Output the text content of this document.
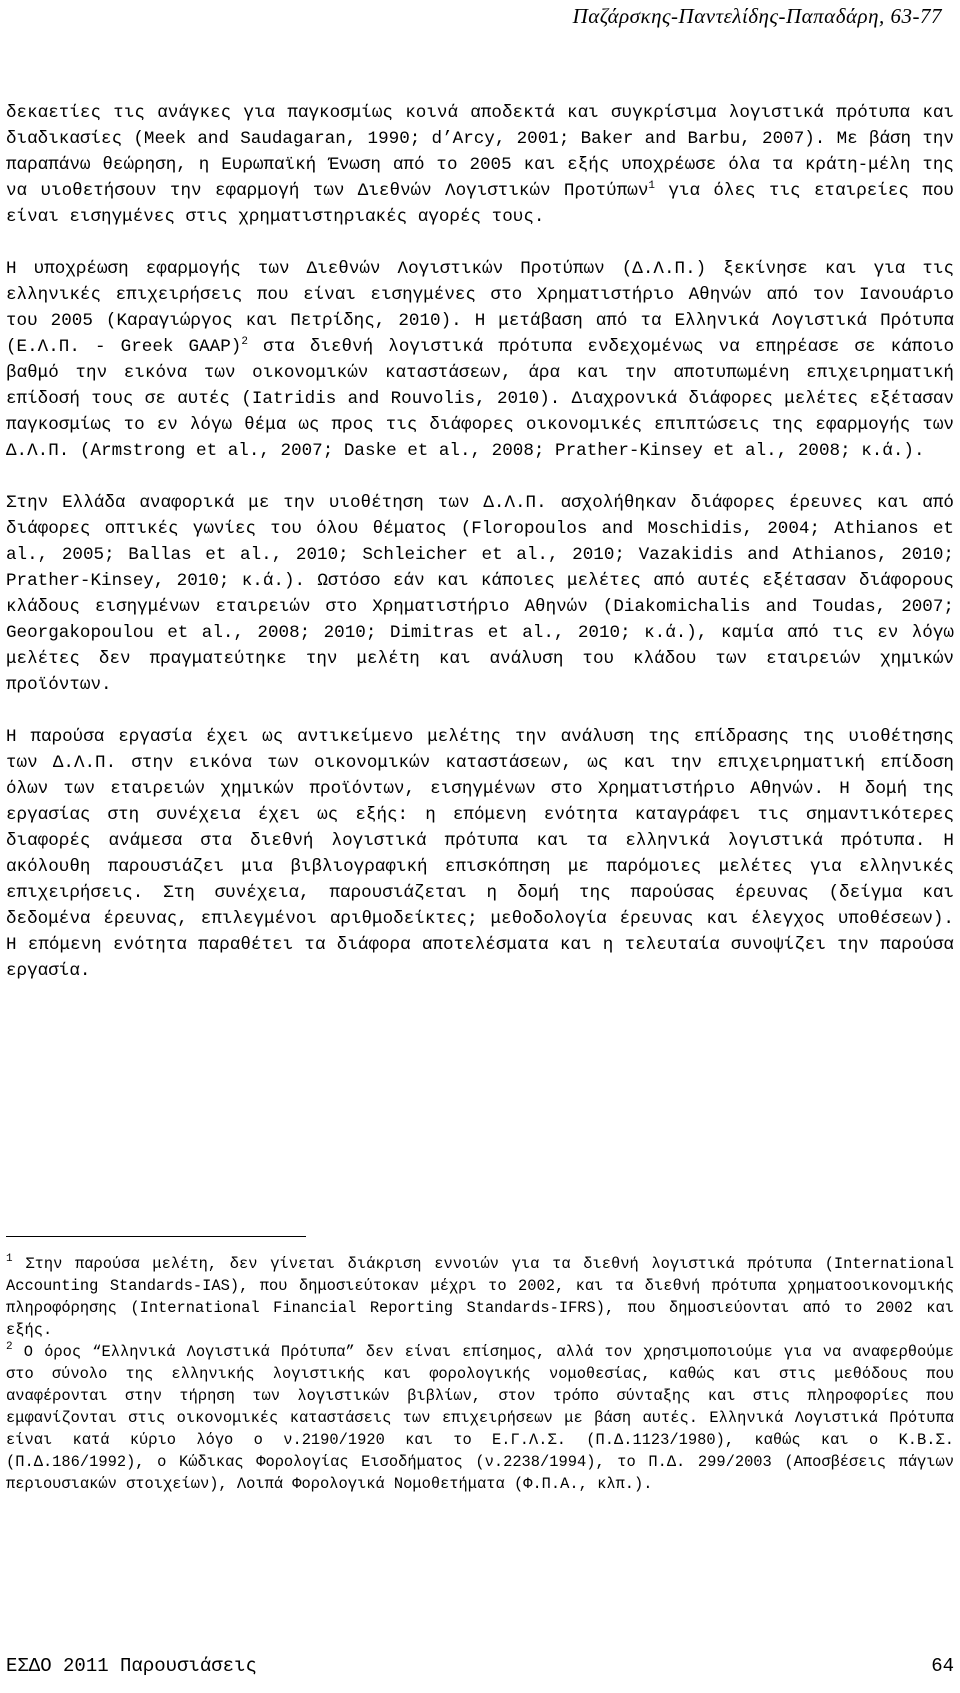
Παζάρσκης-Παντελίδης-Παπαδάρη, 63-77

δεκαετίες τις ανάγκες για παγκοσμίως κοινά αποδεκτά και συγκρίσιμα λογιστικά πρότυπα και διαδικασίες (Meek and Saudagaran, 1990; d’Arcy, 2001; Baker and Barbu, 2007). Με βάση την παραπάνω θεώρηση, η Ευρωπαϊκή Ένωση από το 2005 και εξής υποχρέωσε όλα τα κράτη-μέλη της να υιοθετήσουν την εφαρμογή των Διεθνών Λογιστικών Προτύπων$^1$ για όλες τις εταιρείες που είναι εισηγμένες στις χρηματιστηριακές αγορές τους.

Η υποχρέωση εφαρμογής των Διεθνών Λογιστικών Προτύπων (Δ.Λ.Π.) ξεκίνησε και για τις ελληνικές επιχειρήσεις που είναι εισηγμένες στο Χρηματιστήριο Αθηνών από τον Ιανουάριο του 2005 (Καραγιώργος και Πετρίδης, 2010). Η μετάβαση από τα Ελληνικά Λογιστικά Πρότυπα (Ε.Λ.Π. - Greek GAAP)$^2$ στα διεθνή λογιστικά πρότυπα ενδεχομένως να επηρέασε σε κάποιο βαθμό την εικόνα των οικονομικών καταστάσεων, άρα και την αποτυπωμένη επιχειρηματική επίδοσή τους σε αυτές (Iatridis and Rouvolis, 2010). Διαχρονικά διάφορες μελέτες εξέτασαν παγκοσμίως το εν λόγω θέμα ως προς τις διάφορες οικονομικές επιπτώσεις της εφαρμογής των Δ.Λ.Π. (Armstrong et al., 2007; Daske et al., 2008; Prather-Kinsey et al., 2008; κ.ά.).

Στην Ελλάδα αναφορικά με την υιοθέτηση των Δ.Λ.Π. ασχολήθηκαν διάφορες έρευνες και από διάφορες οπτικές γωνίες του όλου θέματος (Floropoulos and Moschidis, 2004; Athianos et al., 2005; Ballas et al., 2010; Schleicher et al., 2010; Vazakidis and Athianos, 2010; Prather-Kinsey, 2010; κ.ά.). Ωστόσο εάν και κάποιες μελέτες από αυτές εξέτασαν διάφορους κλάδους εισηγμένων εταιρειών στο Χρηματιστήριο Αθηνών (Diakomichalis and Toudas, 2007; Georgakopoulou et al., 2008; 2010; Dimitras et al., 2010; κ.ά.), καμία από τις εν λόγω μελέτες δεν πραγματεύτηκε την μελέτη και ανάλυση του κλάδου των εταιρειών χημικών προϊόντων.

Η παρούσα εργασία έχει ως αντικείμενο μελέτης την ανάλυση της επίδρασης της υιοθέτησης των Δ.Λ.Π. στην εικόνα των οικονομικών καταστάσεων, ως και την επιχειρηματική επίδοση όλων των εταιρειών χημικών προϊόντων, εισηγμένων στο Χρηματιστήριο Αθηνών. Η δομή της εργασίας στη συνέχεια έχει ως εξής: η επόμενη ενότητα καταγράφει τις σημαντικότερες διαφορές ανάμεσα στα διεθνή λογιστικά πρότυπα και τα ελληνικά λογιστικά πρότυπα. Η ακόλουθη παρουσιάζει μια βιβλιογραφική επισκόπηση με παρόμοιες μελέτες για ελληνικές επιχειρήσεις. Στη συνέχεια, παρουσιάζεται η δομή της παρούσας έρευνας (δείγμα και δεδομένα έρευνας, επιλεγμένοι αριθμοδείκτες; μεθοδολογία έρευνας και έλεγχος υποθέσεων). Η επόμενη ενότητα παραθέτει τα διάφορα αποτελέσματα και η τελευταία συνοψίζει την παρούσα εργασία.

$^1$ Στην παρούσα μελέτη, δεν γίνεται διάκριση εννοιών για τα διεθνή λογιστικά πρότυπα (International Accounting Standards-IAS), που δημοσιεύτοκαν μέχρι το 2002, και τα διεθνή πρότυπα χρηματοοικονομικής πληροφόρησης (International Financial Reporting Standards-IFRS), που δημοσιεύονται από το 2002 και εξής.

$^2$ Ο όρος “Ελληνικά Λογιστικά Πρότυπα” δεν είναι επίσημος, αλλά τον χρησιμοποιούμε για να αναφερθούμε στο σύνολο της ελληνικής λογιστικής και φορολογικής νομοθεσίας, καθώς και στις μεθόδους που αναφέρονται στην τήρηση των λογιστικών βιβλίων, στον τρόπο σύνταξης και στις πληροφορίες που εμφανίζονται στις οικονομικές καταστάσεις των επιχειρήσεων με βάση αυτές. Ελληνικά Λογιστικά Πρότυπα είναι κατά κύριο λόγο ο ν.2190/1920 και το Ε.Γ.Λ.Σ. (Π.Δ.1123/1980), καθώς και ο Κ.Β.Σ. (Π.Δ.186/1992), ο Κώδικας Φορολογίας Εισοδήματος (ν.2238/1994), το Π.Δ. 299/2003 (Αποσβέσεις πάγιων περιουσιακών στοιχείων), Λοιπά Φορολογικά Νομοθετήματα (Φ.Π.Α., κλπ.).

ΕΣΔΟ 2011 Παρουσιάσεις	64
